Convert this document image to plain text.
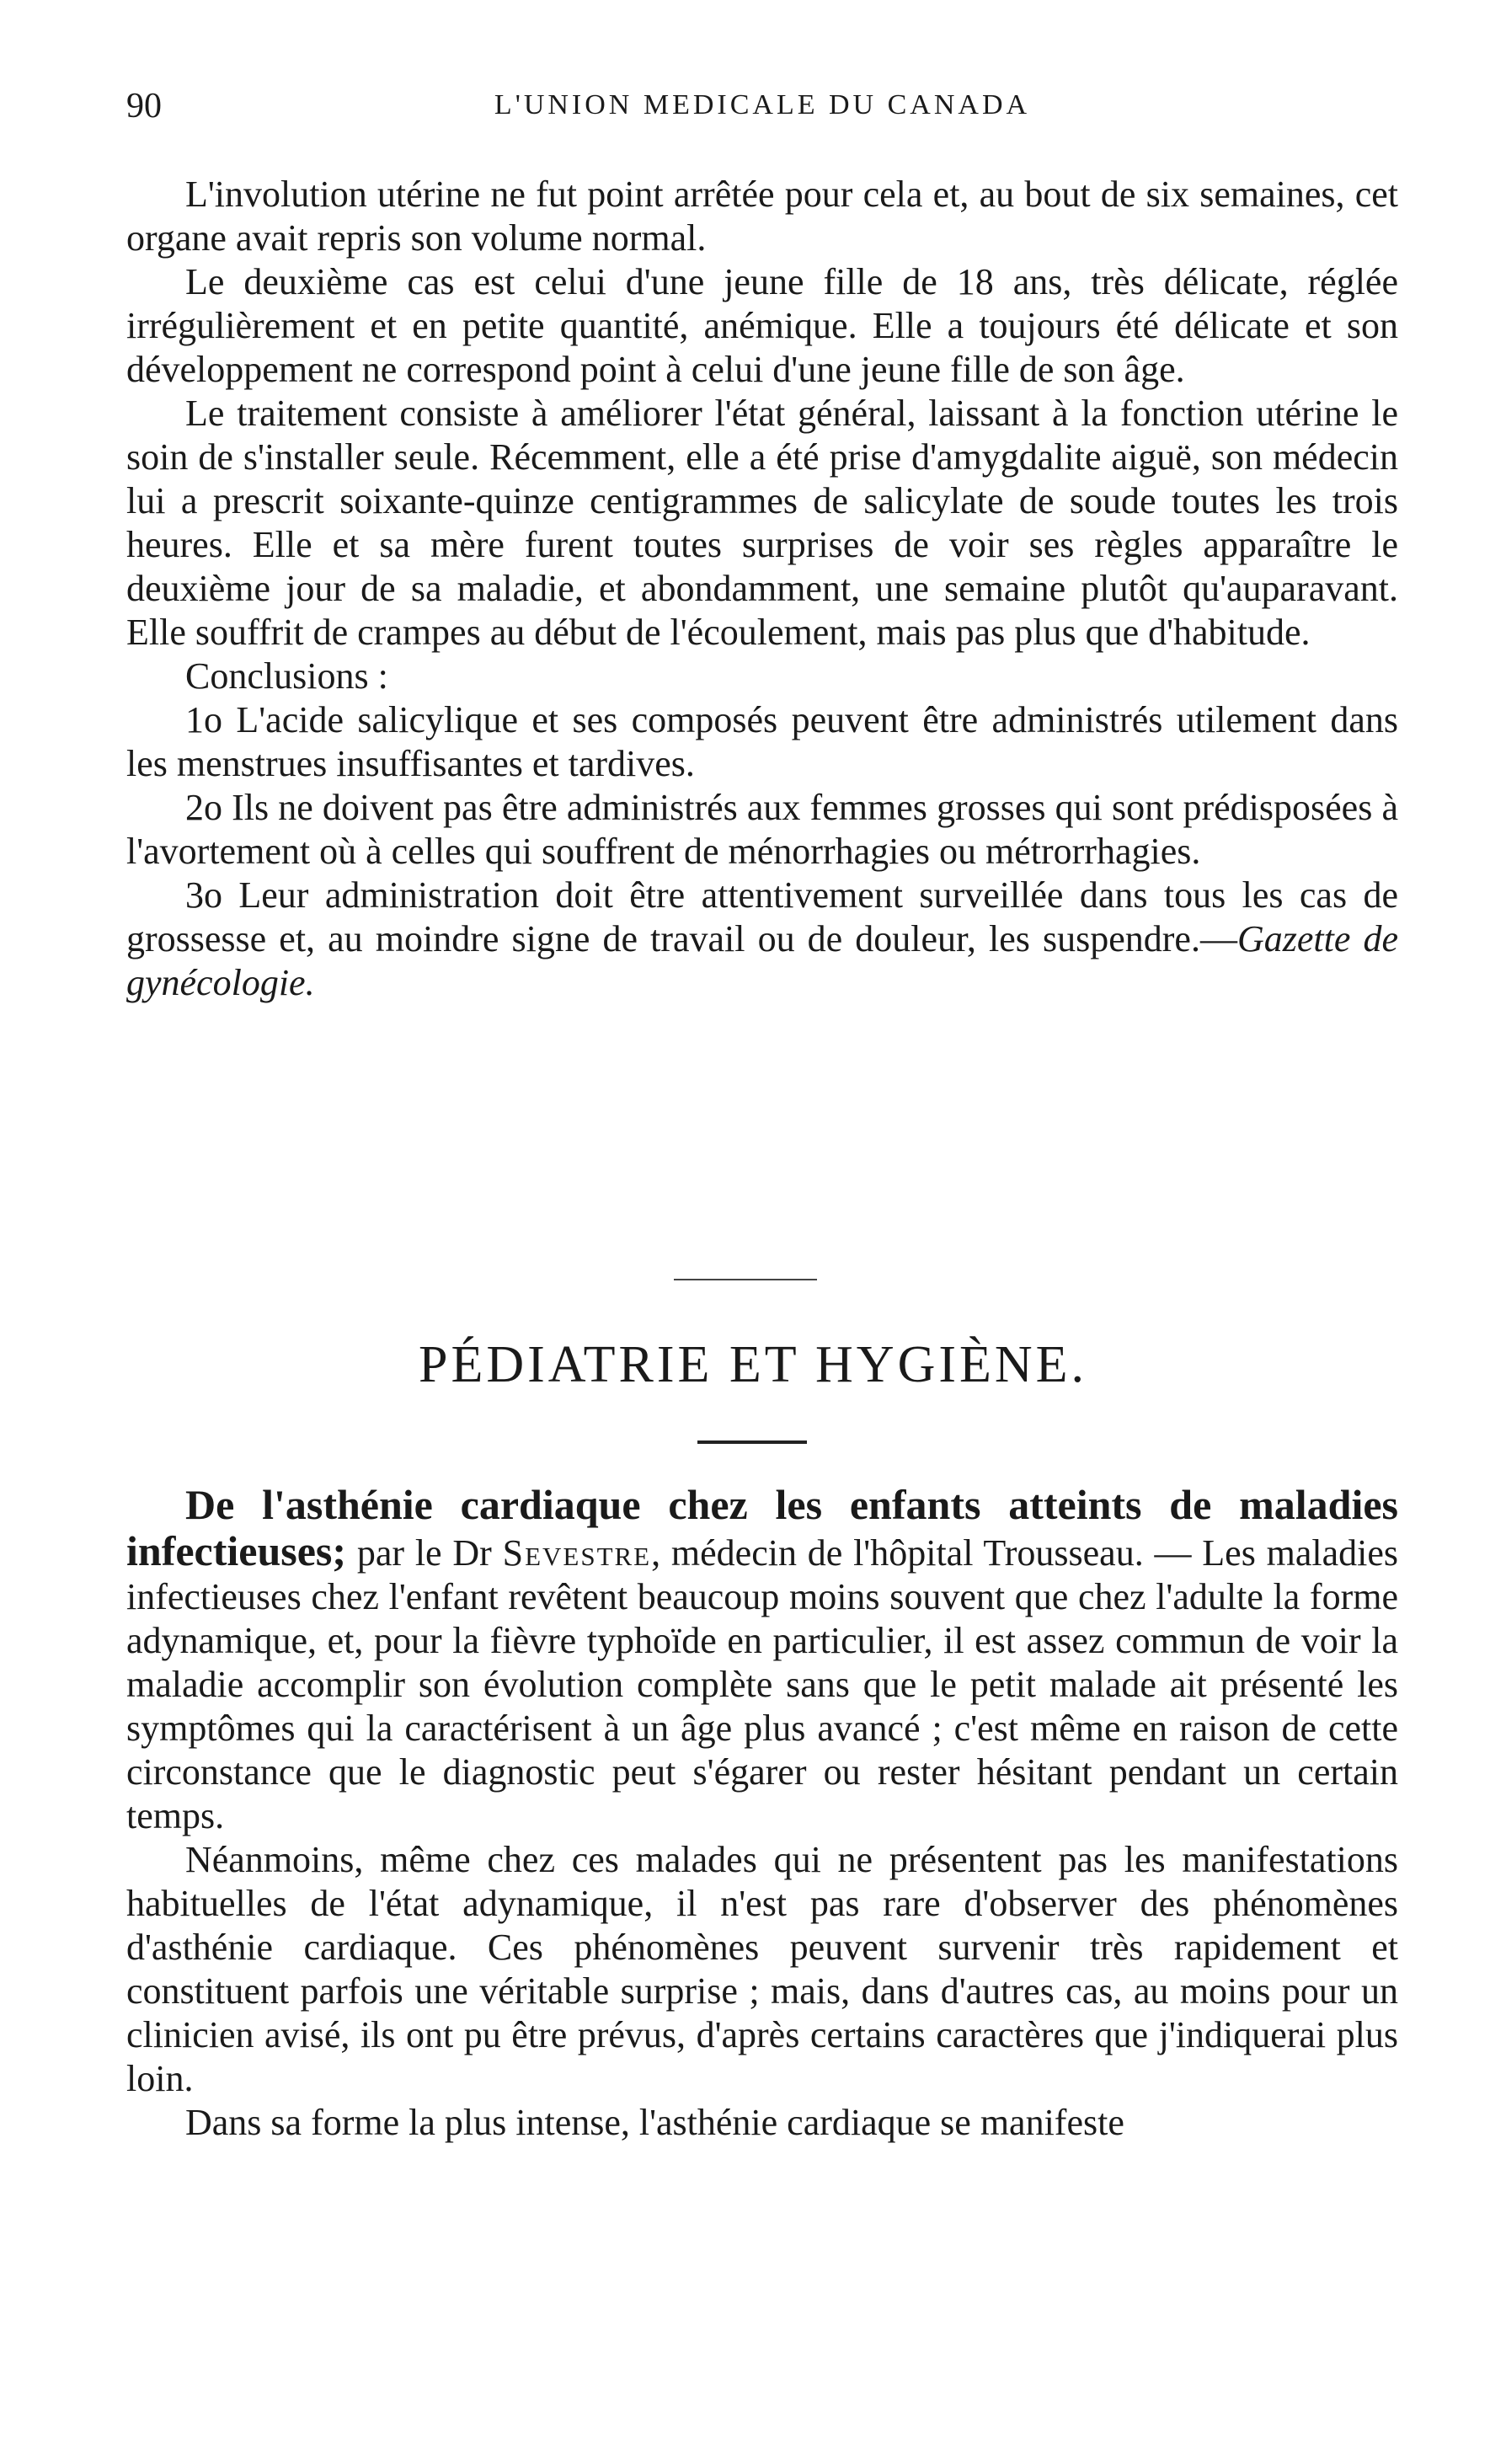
90	L'UNION MEDICALE DU CANADA

L'involution utérine ne fut point arrêtée pour cela et, au bout de six semaines, cet organe avait repris son volume normal.

Le deuxième cas est celui d'une jeune fille de 18 ans, très délicate, réglée irrégulièrement et en petite quantité, anémique. Elle a toujours été délicate et son développement ne correspond point à celui d'une jeune fille de son âge.

Le traitement consiste à améliorer l'état général, laissant à la fonction utérine le soin de s'installer seule. Récemment, elle a été prise d'amygdalite aiguë, son médecin lui a prescrit soixante-quinze centigrammes de salicylate de soude toutes les trois heures. Elle et sa mère furent toutes surprises de voir ses règles apparaître le deuxième jour de sa maladie, et abondamment, une semaine plutôt qu'auparavant. Elle souffrit de crampes au début de l'écoulement, mais pas plus que d'habitude.

Conclusions :

1o L'acide salicylique et ses composés peuvent être administrés utilement dans les menstrues insuffisantes et tardives.

2o Ils ne doivent pas être administrés aux femmes grosses qui sont prédisposées à l'avortement où à celles qui souffrent de ménorrhagies ou métrorrhagies.

3o Leur administration doit être attentivement surveillée dans tous les cas de grossesse et, au moindre signe de travail ou de douleur, les suspendre.—Gazette de gynécologie.

PÉDIATRIE ET HYGIÈNE.

De l'asthénie cardiaque chez les enfants atteints de maladies infectieuses; par le Dr Sevestre, médecin de l'hôpital Trousseau. — Les maladies infectieuses chez l'enfant revêtent beaucoup moins souvent que chez l'adulte la forme adynamique, et, pour la fièvre typhoïde en particulier, il est assez commun de voir la maladie accomplir son évolution complète sans que le petit malade ait présenté les symptômes qui la caractérisent à un âge plus avancé ; c'est même en raison de cette circonstance que le diagnostic peut s'égarer ou rester hésitant pendant un certain temps.

Néanmoins, même chez ces malades qui ne présentent pas les manifestations habituelles de l'état adynamique, il n'est pas rare d'observer des phénomènes d'asthénie cardiaque. Ces phénomènes peuvent survenir très rapidement et constituent parfois une véritable surprise ; mais, dans d'autres cas, au moins pour un clinicien avisé, ils ont pu être prévus, d'après certains caractères que j'indiquerai plus loin.

Dans sa forme la plus intense, l'asthénie cardiaque se manifeste
